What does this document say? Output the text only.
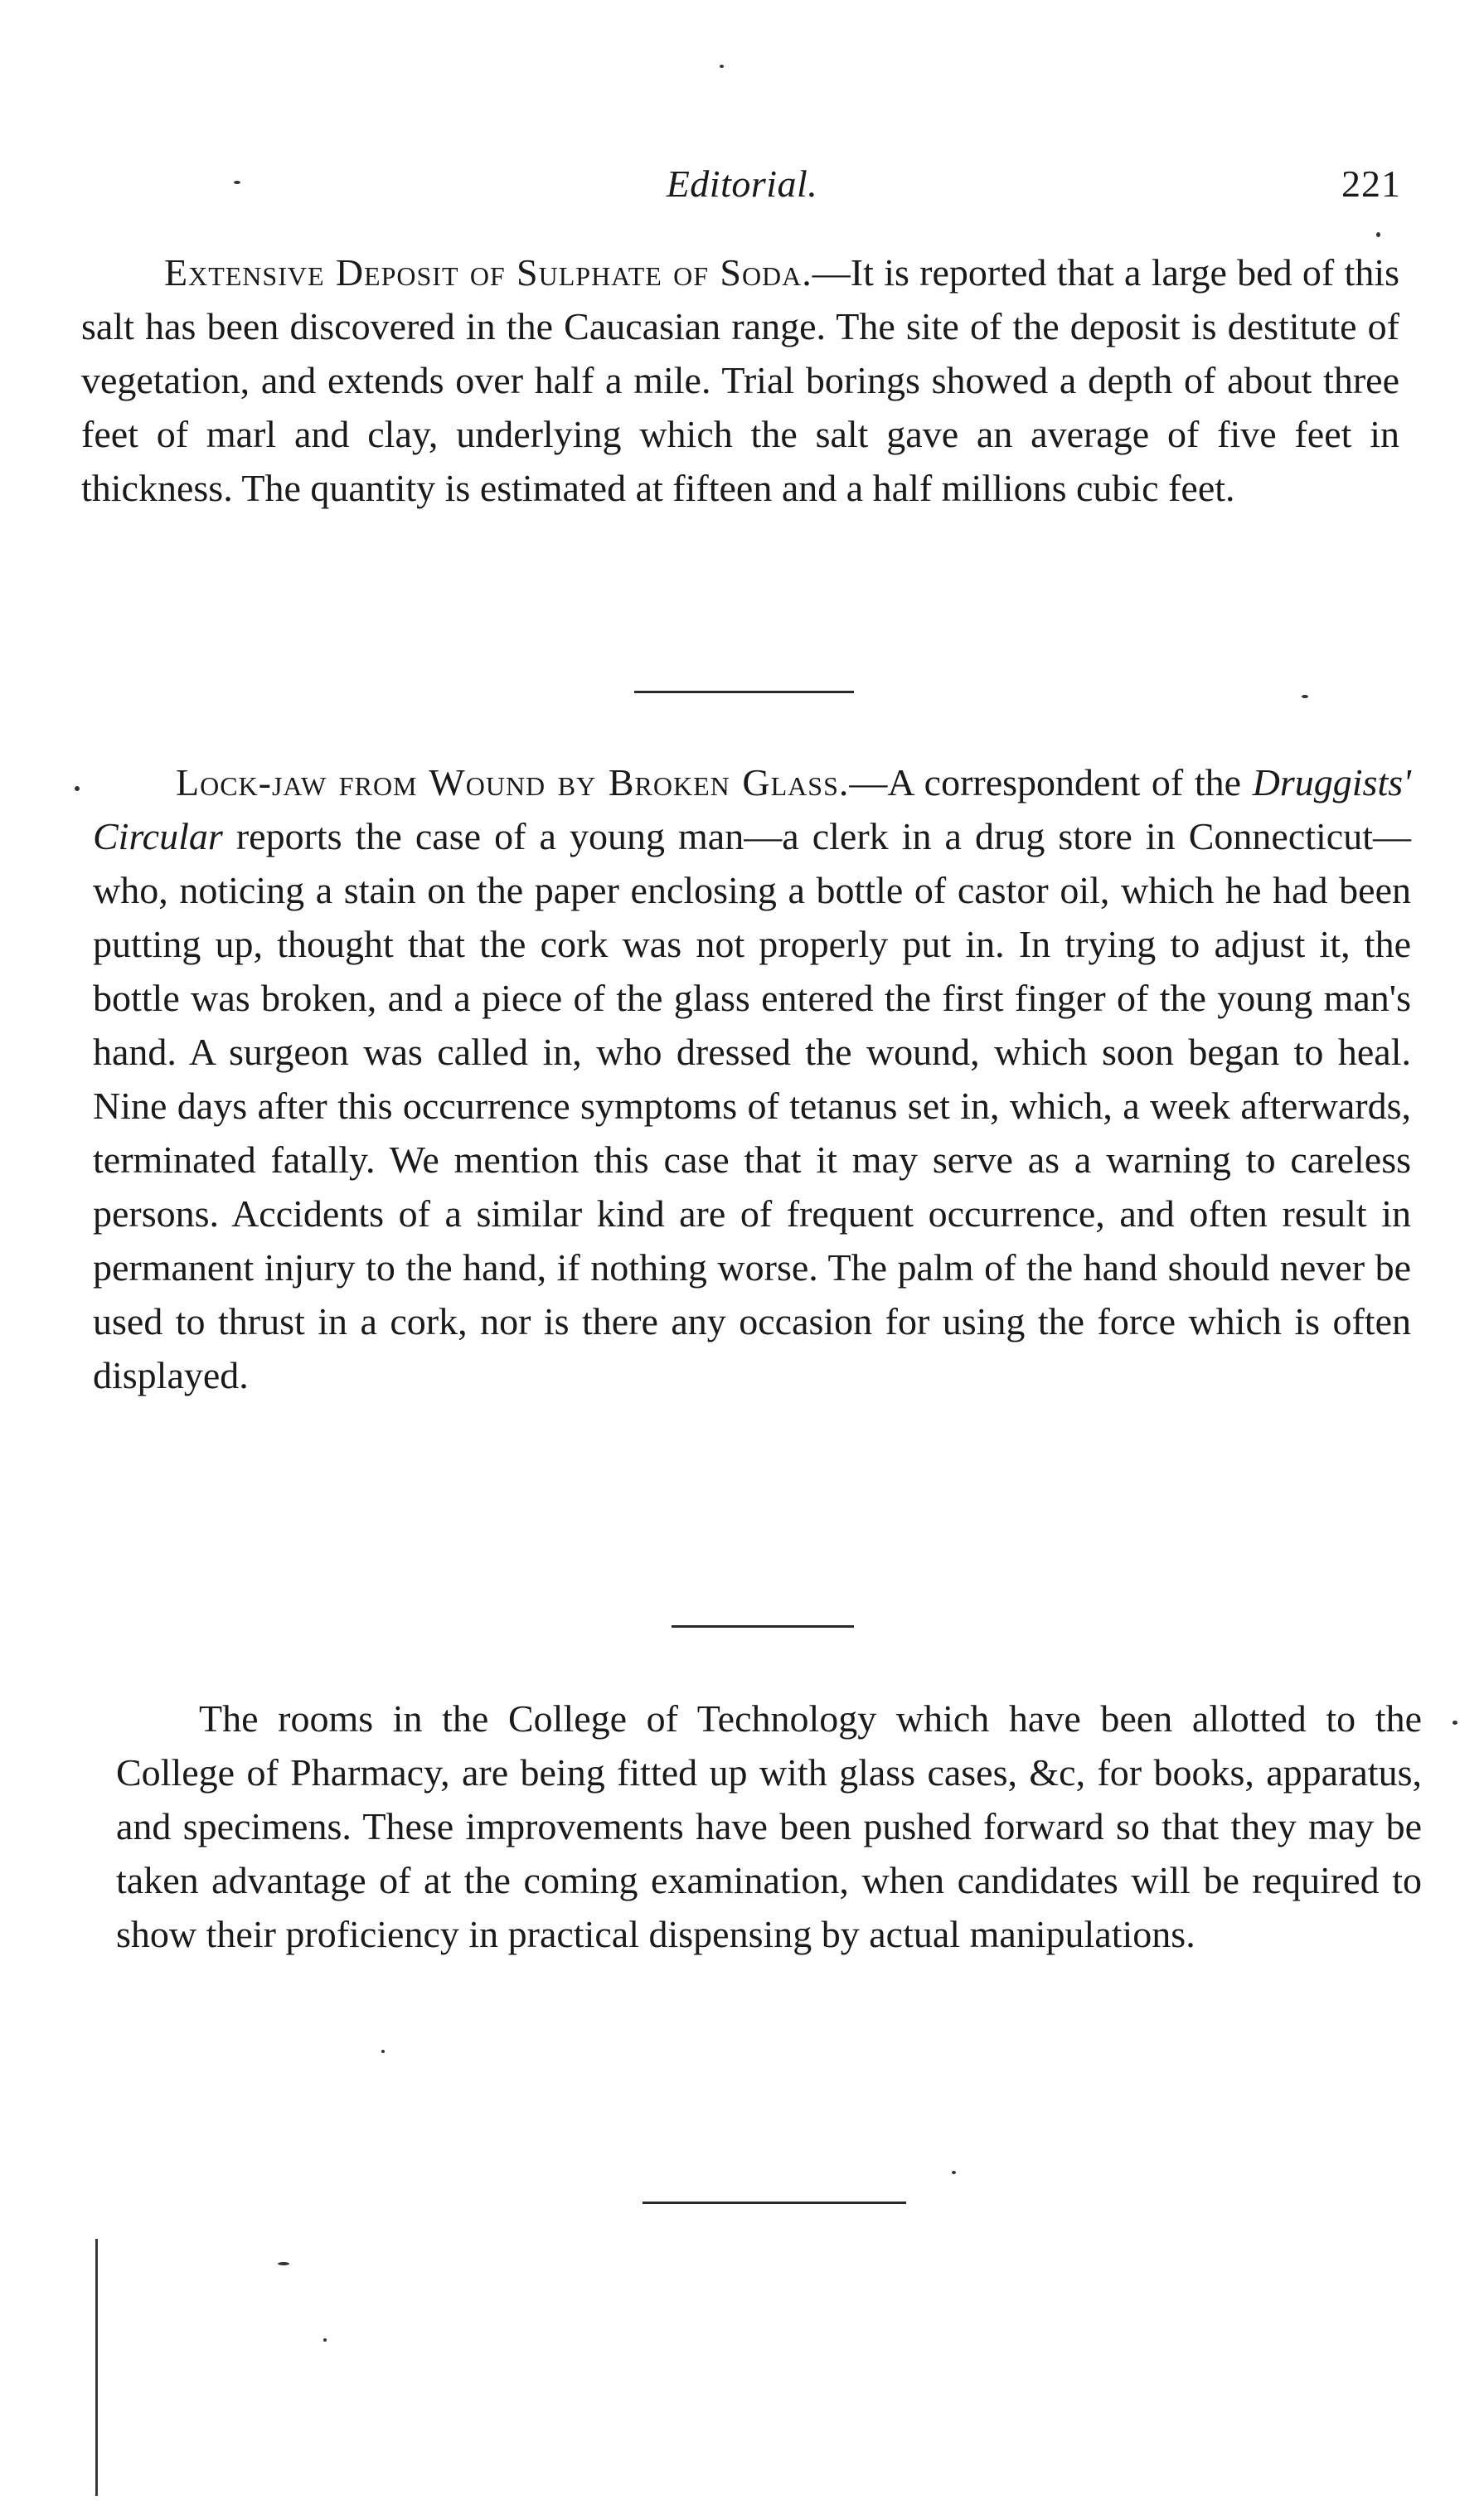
Editorial.	221

Extensive Deposit of Sulphate of Soda.—It is reported that a large bed of this salt has been discovered in the Caucasian range. The site of the deposit is destitute of vegetation, and extends over half a mile. Trial borings showed a depth of about three feet of marl and clay, underlying which the salt gave an average of five feet in thickness. The quantity is estimated at fifteen and a half millions cubic feet.

Lock-jaw from Wound by Broken Glass.—A correspondent of the Druggists' Circular reports the case of a young man—a clerk in a drug store in Connecticut—who, noticing a stain on the paper enclosing a bottle of castor oil, which he had been putting up, thought that the cork was not properly put in. In trying to adjust it, the bottle was broken, and a piece of the glass entered the first finger of the young man's hand. A surgeon was called in, who dressed the wound, which soon began to heal. Nine days after this occurrence symptoms of tetanus set in, which, a week afterwards, terminated fatally. We mention this case that it may serve as a warning to careless persons. Accidents of a similar kind are of frequent occurrence, and often result in permanent injury to the hand, if nothing worse. The palm of the hand should never be used to thrust in a cork, nor is there any occasion for using the force which is often displayed.

The rooms in the College of Technology which have been allotted to the College of Pharmacy, are being fitted up with glass cases, &c, for books, apparatus, and specimens. These improvements have been pushed forward so that they may be taken advantage of at the coming examination, when candidates will be required to show their proficiency in practical dispensing by actual manipulations.
